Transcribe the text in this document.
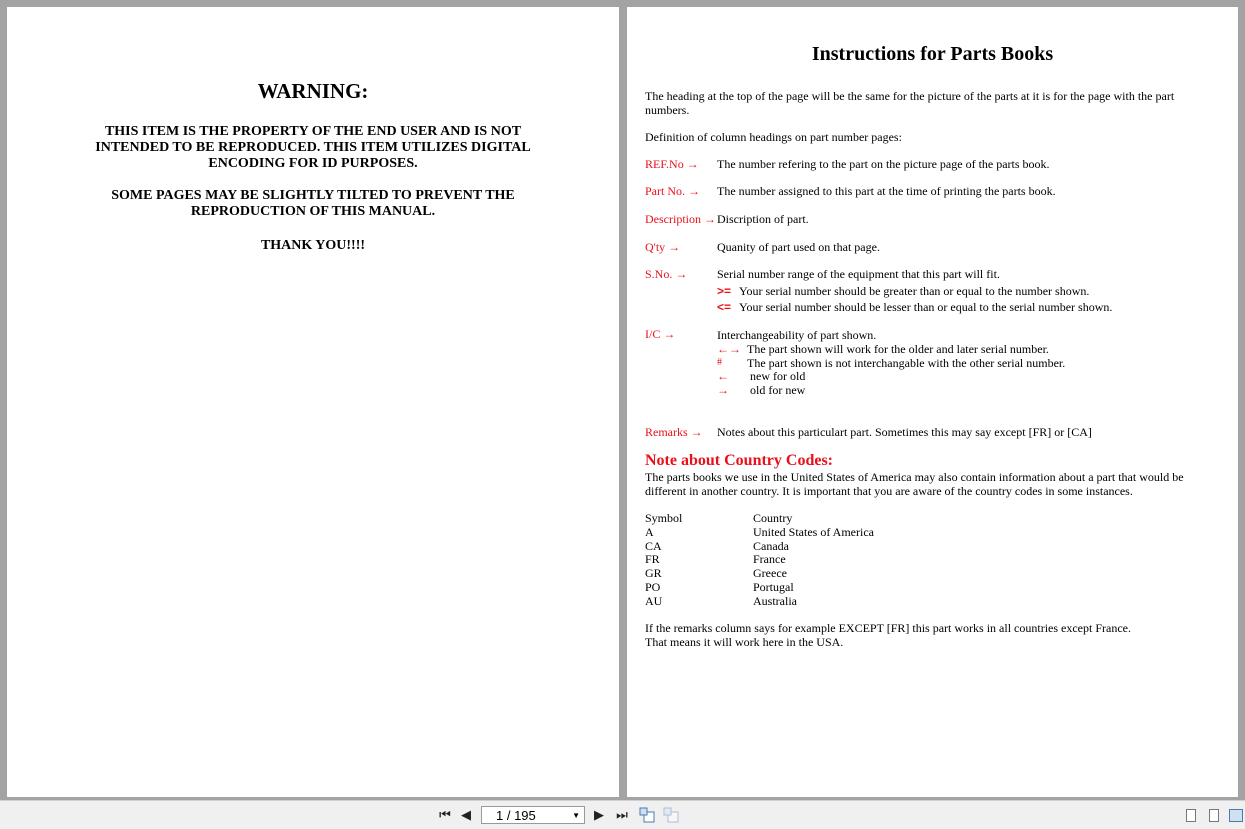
WARNING:
THIS ITEM IS THE PROPERTY OF THE END USER AND IS NOT INTENDED TO BE REPRODUCED. THIS ITEM UTILIZES DIGITAL ENCODING FOR ID PURPOSES.
SOME PAGES MAY BE SLIGHTLY TILTED TO PREVENT THE REPRODUCTION OF THIS MANUAL.
THANK YOU!!!!
Instructions for Parts Books
The heading at the top of the page will be the same for the picture of the parts at it is for the page with the part
numbers.
Definition of column headings on part number pages:
REF.No → The number refering to the part on the picture page of the parts book.
Part No. → The number assigned to this part at the time of printing the parts book.
Description → Discription of part.
Q'ty →	Quanity of part used on that page.
S.No. → Serial number range of the equipment that this part will fit.
>= Your serial number should be greater than or equal to the number shown.
<= Your serial number should be lesser than or equal to the serial number shown.
I/C →	Interchangeability of part shown.
←→ The part shown will work for the older and later serial number.
# The part shown is not interchangable with the other serial number.
← new for old
→ old for new
Remarks → Notes about this particulart part. Sometimes this may say except [FR] or [CA]
Note about Country Codes:
The parts books we use in the United States of America may also contain information about a part that would be
different in another country. It is important that you are aware of the country codes in some instances.
Symbol	Country
A	United States of America
CA	Canada
FR	France
GR	Greece
PO	Portugal
AU	Australia
If the remarks column says for example EXCEPT [FR] this part works in all countries except France.
That means it will work here in the USA.
⏮ ◀ 1 / 195	▼ ▶ ⏭
